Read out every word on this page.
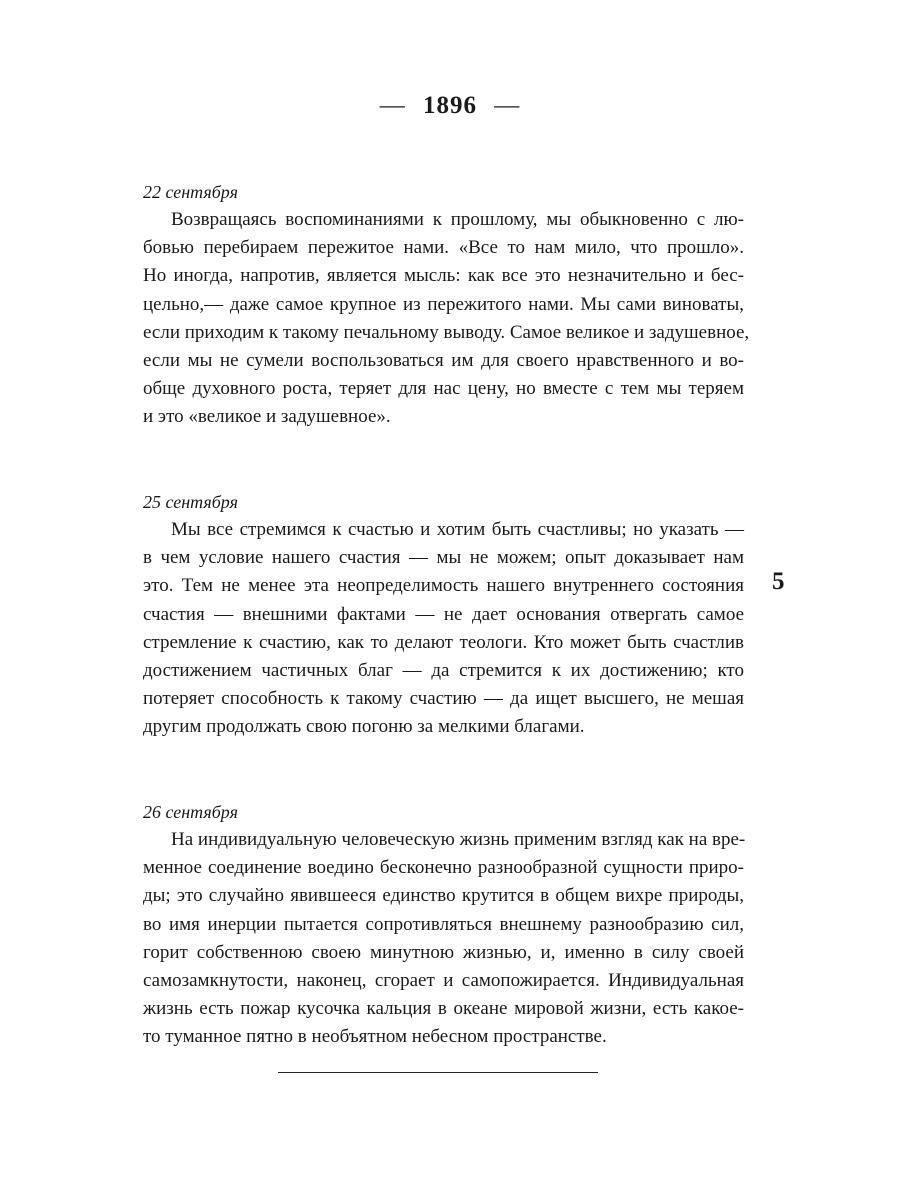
— 1896 —

22 сентября

Возвращаясь воспоминаниями к прошлому, мы обыкновенно с лю-
бовью перебираем пережитое нами. «Все то нам мило, что прошло».
Но иногда, напротив, является мысль: как все это незначительно и бес-
цельно,— даже самое крупное из пережитого нами. Мы сами виноваты,
если приходим к такому печальному выводу. Самое великое и задушевное,
если мы не сумели воспользоваться им для своего нравственного и во-
обще духовного роста, теряет для нас цену, но вместе с тем мы теряем
и это «великое и задушевное».

25 сентября

Мы все стремимся к счастью и хотим быть счастливы; но указать —
в чем условие нашего счастия — мы не можем; опыт доказывает нам
это. Тем не менее эта неопределимость нашего внутреннего состояния
счастия — внешними фактами — не дает основания отвергать самое
стремление к счастию, как то делают теологи. Кто может быть счастлив
достижением частичных благ — да стремится к их достижению; кто
потеряет способность к такому счастию — да ищет высшего, не мешая
другим продолжать свою погоню за мелкими благами.

26 сентября

На индивидуальную человеческую жизнь применим взгляд как на вре-
менное соединение воедино бесконечно разнообразной сущности приро-
ды; это случайно явившееся единство крутится в общем вихре природы,
во имя инерции пытается сопротивляться внешнему разнообразию сил,
горит собственною своею минутною жизнью, и, именно в силу своей
самозамкнутости, наконец, сгорает и самопожирается. Индивидуальная
жизнь есть пожар кусочка кальция в океане мировой жизни, есть какое-
то туманное пятно в необъятном небесном пространстве.

5
